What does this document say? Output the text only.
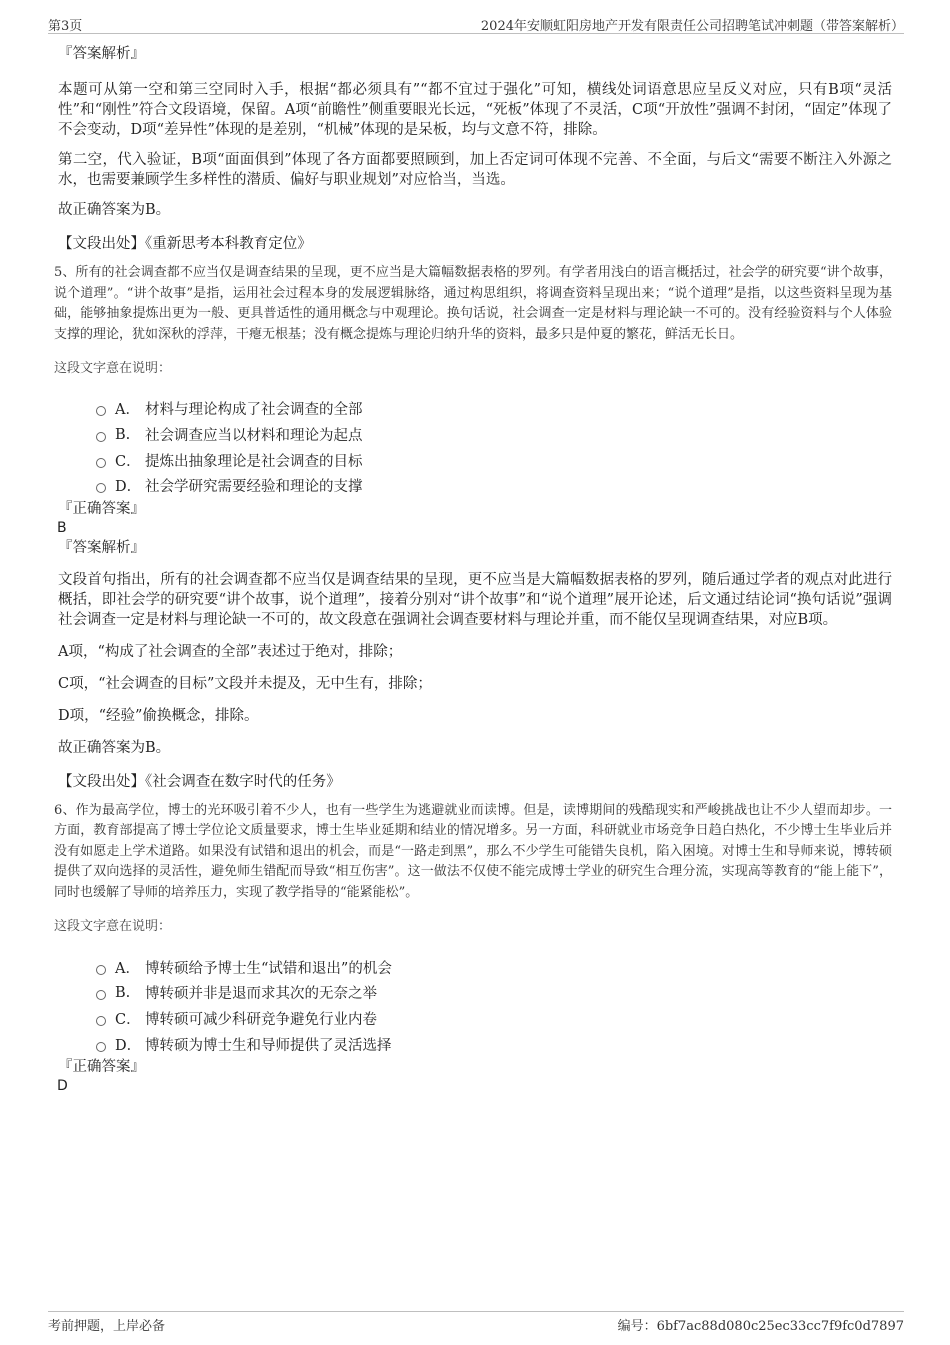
第3页	2024年安顺虹阳房地产开发有限责任公司招聘笔试冲刺题（带答案解析）
『答案解析』

本题可从第一空和第三空同时入手，根据“都必须具有”“都不宜过于强化”可知，横线处词语意思应呈反义对应，只有B项“灵活性”和“刚性”符合文段语境，保留。A项“前瞻性”侧重要眼光长远，“死板”体现了不灵活，C项“开放性”强调不封闭，“固定”体现了不会变动，D项“差异性”体现的是差别，“机械”体现的是呆板，均与文意不符，排除。

第二空，代入验证，B项“面面俱到”体现了各方面都要照顾到，加上否定词可体现不完善、不全面，与后文“需要不断注入外源之水，也需要兼顾学生多样性的潜质、偏好与职业规划”对应恰当，当选。

故正确答案为B。

【文段出处】《重新思考本科教育定位》

5、所有的社会调查都不应当仅是调查结果的呈现，更不应当是大篇幅数据表格的罗列。有学者用浅白的语言概括过，社会学的研究要“讲个故事，说个道理”。“讲个故事”是指，运用社会过程本身的发展逻辑脉络，通过构思组织，将调查资料呈现出来；“说个道理”是指，以这些资料呈现为基础，能够抽象提炼出更为一般、更具普适性的通用概念与中观理论。换句话说，社会调查一定是材料与理论缺一不可的。没有经验资料与个人体验支撑的理论，犹如深秋的浮萍，干瘪无根基；没有概念提炼与理论归纳升华的资料，最多只是仲夏的繁花，鲜活无长日。

这段文字意在说明：
A． 材料与理论构成了社会调查的全部
B.	社会调查应当以材料和理论为起点
C． 提炼出抽象理论是社会调查的目标
D． 社会学研究需要经验和理论的支撑
『正确答案』
B
『答案解析』

文段首句指出，所有的社会调查都不应当仅是调查结果的呈现，更不应当是大篇幅数据表格的罗列，随后通过学者的观点对此进行概括，即社会学的研究要“讲个故事，说个道理”，接着分别对“讲个故事”和“说个道理”展开论述，后文通过结论词“换句话说”强调社会调查一定是材料与理论缺一不可的，故文段意在强调社会调查要材料与理论并重，而不能仅呈现调查结果，对应B项。

A项，“构成了社会调查的全部”表述过于绝对，排除；

C项，“社会调查的目标”文段并未提及，无中生有，排除；

D项，“经验”偷换概念，排除。

故正确答案为B。

【文段出处】《社会调查在数字时代的任务》

6、作为最高学位，博士的光环吸引着不少人，也有一些学生为逃避就业而读博。但是，读博期间的残酷现实和严峻挑战也让不少人望而却步。一方面，教育部提高了博士学位论文质量要求，博士生毕业延期和结业的情况增多。另一方面，科研就业市场竞争日趋白热化，不少博士生毕业后并没有如愿走上学术道路。如果没有试错和退出的机会，而是“一路走到黑”，那么不少学生可能错失良机，陷入困境。对博士生和导师来说，博转硕提供了双向选择的灵活性，避免师生错配而导致“相互伤害”。这一做法不仅使不能完成博士学业的研究生合理分流，实现高等教育的“能上能下”，同时也缓解了导师的培养压力，实现了教学指导的“能紧能松”。

这段文字意在说明：
A． 博转硕给予博士生“试错和退出”的机会
B.	博转硕并非是退而求其次的无奈之举
C． 博转硕可减少科研竞争避免行业内卷
D． 博转硕为博士生和导师提供了灵活选择
『正确答案』
D
考前押题，上岸必备	编号：6bf7ac88d080c25ec33cc7f9fc0d7897
